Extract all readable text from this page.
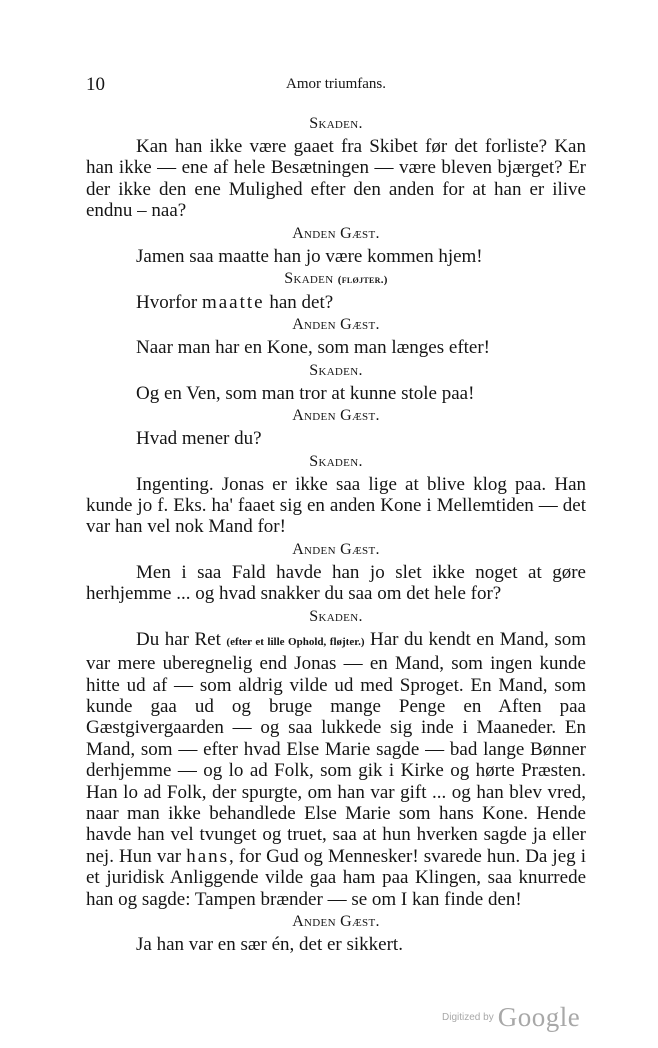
10	Amor triumfans.
Skaden.

Kan han ikke være gaaet fra Skibet før det forliste? Kan han ikke — ene af hele Besætningen — være bleven bjærget? Er der ikke den ene Mulighed efter den anden for at han er ilive endnu – naa?

Anden Gæst.

Jamen saa maatte han jo være kommen hjem!

Skaden (fløjter.)

Hvorfor maatte han det?

Anden Gæst.

Naar man har en Kone, som man længes efter!

Skaden.

Og en Ven, som man tror at kunne stole paa!

Anden Gæst.

Hvad mener du?

Skaden.

Ingenting. Jonas er ikke saa lige at blive klog paa. Han kunde jo f. Eks. ha' faaet sig en anden Kone i Mellemtiden — det var han vel nok Mand for!

Anden Gæst.

Men i saa Fald havde han jo slet ikke noget at gøre herhjemme ... og hvad snakker du saa om det hele for?

Skaden.

Du har Ret (efter et lille Ophold, fløjter.) Har du kendt en Mand, som var mere uberegnelig end Jonas — en Mand, som ingen kunde hitte ud af — som aldrig vilde ud med Sproget. En Mand, som kunde gaa ud og bruge mange Penge en Aften paa Gæstgivergaarden — og saa lukkede sig inde i Maaneder. En Mand, som — efter hvad Else Marie sagde — bad lange Bønner derhjemme — og lo ad Folk, som gik i Kirke og hørte Præsten. Han lo ad Folk, der spurgte, om han var gift ... og han blev vred, naar man ikke behandlede Else Marie som hans Kone. Hende havde han vel tvunget og truet, saa at hun hverken sagde ja eller nej. Hun var hans, for Gud og Mennesker! svarede hun. Da jeg i et juridisk Anliggende vilde gaa ham paa Klingen, saa knurrede han og sagde: Tampen brænder — se om I kan finde den!

Anden Gæst.

Ja han var en sær én, det er sikkert.

Digitized by Google
